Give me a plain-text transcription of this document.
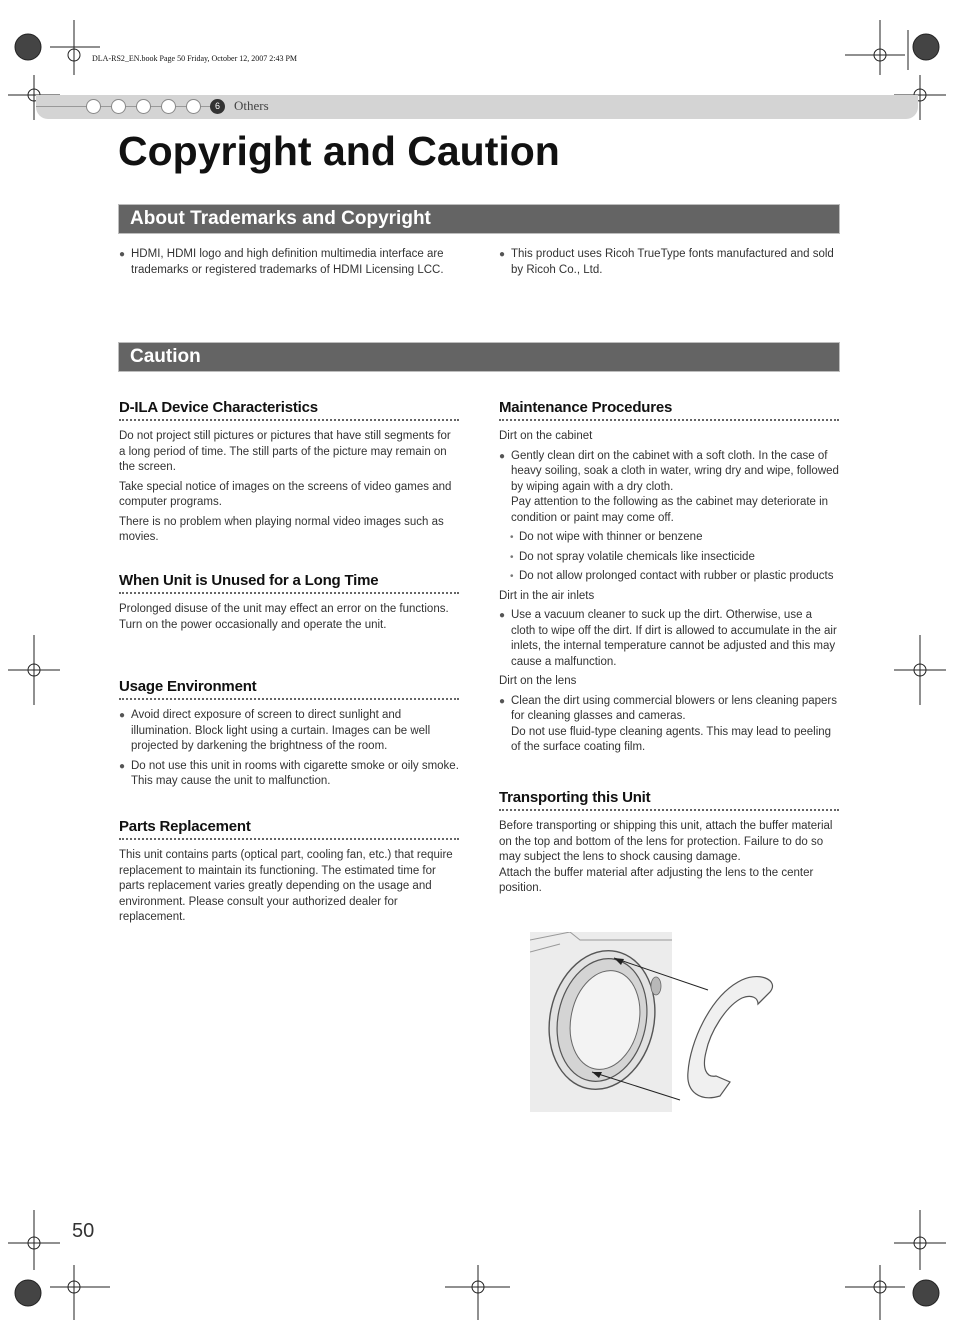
DLA-RS2_EN.book Page 50 Friday, October 12, 2007 2:43 PM
6	Others
Copyright and Caution
About Trademarks and Copyright

● HDMI, HDMI logo and high definition multimedia interface are trademarks or registered trademarks of HDMI Licensing LCC.

● This product uses Ricoh TrueType fonts manufactured and sold by Ricoh Co., Ltd.

Caution
D-ILA Device Characteristics

Do not project still pictures or pictures that have still segments for a long period of time. The still parts of the picture may remain on the screen.

Take special notice of images on the screens of video games and computer programs.

There is no problem when playing normal video images such as movies.

When Unit is Unused for a Long Time

Prolonged disuse of the unit may effect an error on the functions. Turn on the power occasionally and operate the unit.

Usage Environment

● Avoid direct exposure of screen to direct sunlight and illumination. Block light using a curtain. Images can be well projected by darkening the brightness of the room.

● Do not use this unit in rooms with cigarette smoke or oily smoke. This may cause the unit to malfunction.

Parts Replacement

This unit contains parts (optical part, cooling fan, etc.) that require replacement to maintain its functioning. The estimated time for parts replacement varies greatly depending on the usage and environment. Please consult your authorized dealer for replacement.

Maintenance Procedures

Dirt on the cabinet

● Gently clean dirt on the cabinet with a soft cloth. In the case of heavy soiling, soak a cloth in water, wring dry and wipe, followed by wiping again with a dry cloth.

Pay attention to the following as the cabinet may deteriorate in condition or paint may come off.

• Do not wipe with thinner or benzene

• Do not spray volatile chemicals like insecticide

• Do not allow prolonged contact with rubber or plastic products

Dirt in the air inlets

● Use a vacuum cleaner to suck up the dirt. Otherwise, use a cloth to wipe off the dirt. If dirt is allowed to accumulate in the air inlets, the internal temperature cannot be adjusted and this may cause a malfunction.

Dirt on the lens

● Clean the dirt using commercial blowers or lens cleaning papers for cleaning glasses and cameras.

Do not use fluid-type cleaning agents. This may lead to peeling of the surface coating film.

Transporting this Unit

Before transporting or shipping this unit, attach the buffer material on the top and bottom of the lens for protection. Failure to do so may subject the lens to shock causing damage.

Attach the buffer material after adjusting the lens to the center position.

50
